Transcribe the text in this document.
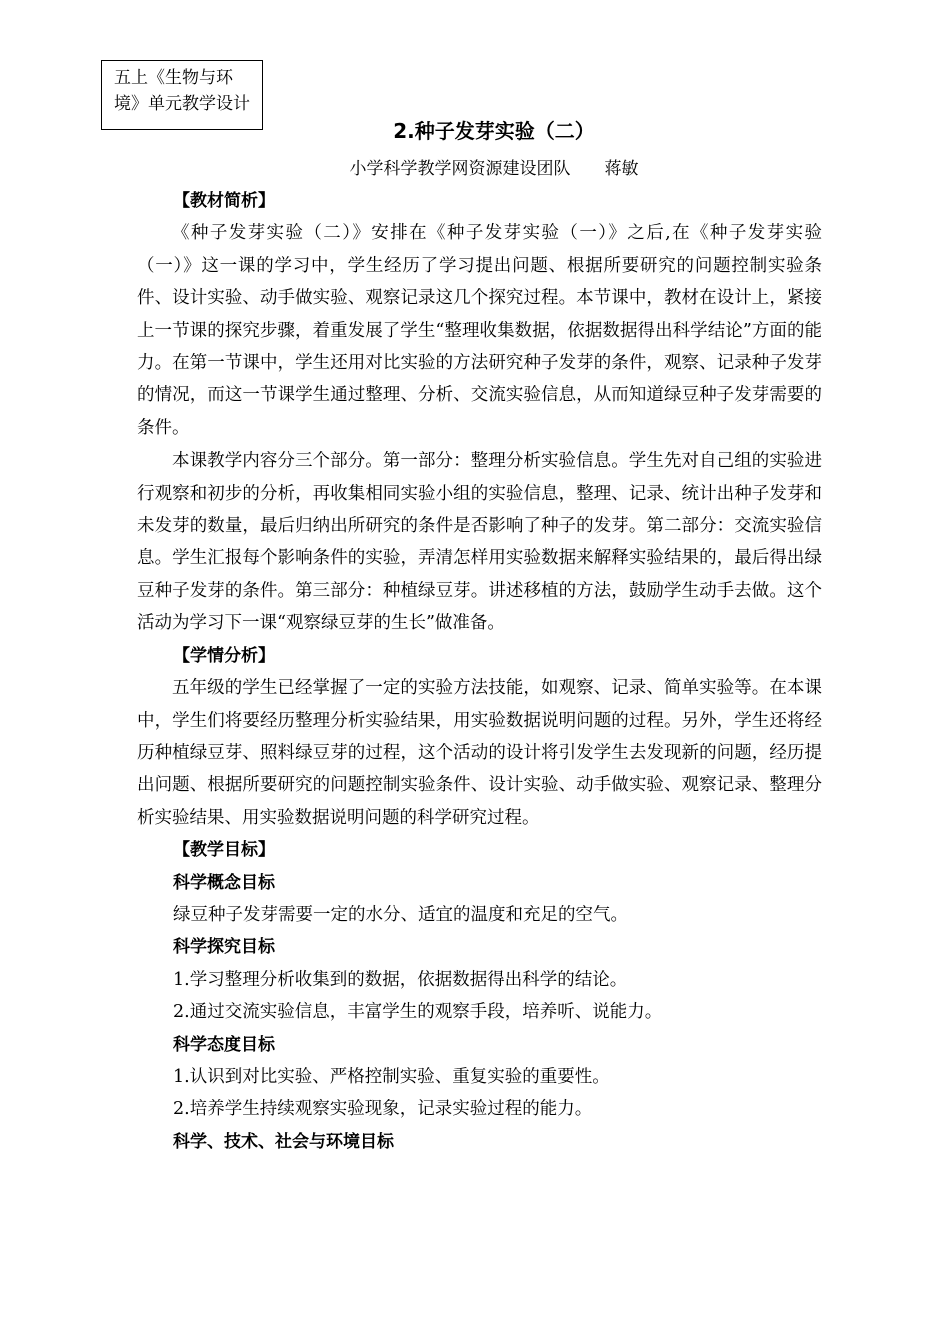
五上《生物与环境》单元教学设计
2.种子发芽实验（二）
小学科学教学网资源建设团队 蒋敏
【教材简析】

《种子发芽实验（二）》安排在《种子发芽实验（一）》之后,在《种子发芽实验（一）》这一课的学习中，学生经历了学习提出问题、根据所要研究的问题控制实验条件、设计实验、动手做实验、观察记录这几个探究过程。本节课中，教材在设计上，紧接上一节课的探究步骤，着重发展了学生“整理收集数据，依据数据得出科学结论”方面的能力。在第一节课中，学生还用对比实验的方法研究种子发芽的条件，观察、记录种子发芽的情况，而这一节课学生通过整理、分析、交流实验信息，从而知道绿豆种子发芽需要的条件。

本课教学内容分三个部分。第一部分：整理分析实验信息。学生先对自己组的实验进行观察和初步的分析，再收集相同实验小组的实验信息，整理、记录、统计出种子发芽和未发芽的数量，最后归纳出所研究的条件是否影响了种子的发芽。第二部分：交流实验信息。学生汇报每个影响条件的实验，弄清怎样用实验数据来解释实验结果的，最后得出绿豆种子发芽的条件。第三部分：种植绿豆芽。讲述移植的方法，鼓励学生动手去做。这个活动为学习下一课“观察绿豆芽的生长”做准备。

【学情分析】

五年级的学生已经掌握了一定的实验方法技能，如观察、记录、简单实验等。在本课中，学生们将要经历整理分析实验结果，用实验数据说明问题的过程。另外，学生还将经历种植绿豆芽、照料绿豆芽的过程，这个活动的设计将引发学生去发现新的问题，经历提出问题、根据所要研究的问题控制实验条件、设计实验、动手做实验、观察记录、整理分析实验结果、用实验数据说明问题的科学研究过程。

【教学目标】
科学概念目标
绿豆种子发芽需要一定的水分、适宜的温度和充足的空气。
科学探究目标
1.学习整理分析收集到的数据，依据数据得出科学的结论。
2.通过交流实验信息，丰富学生的观察手段，培养听、说能力。
科学态度目标
1.认识到对比实验、严格控制实验、重复实验的重要性。
2.培养学生持续观察实验现象，记录实验过程的能力。
科学、技术、社会与环境目标
